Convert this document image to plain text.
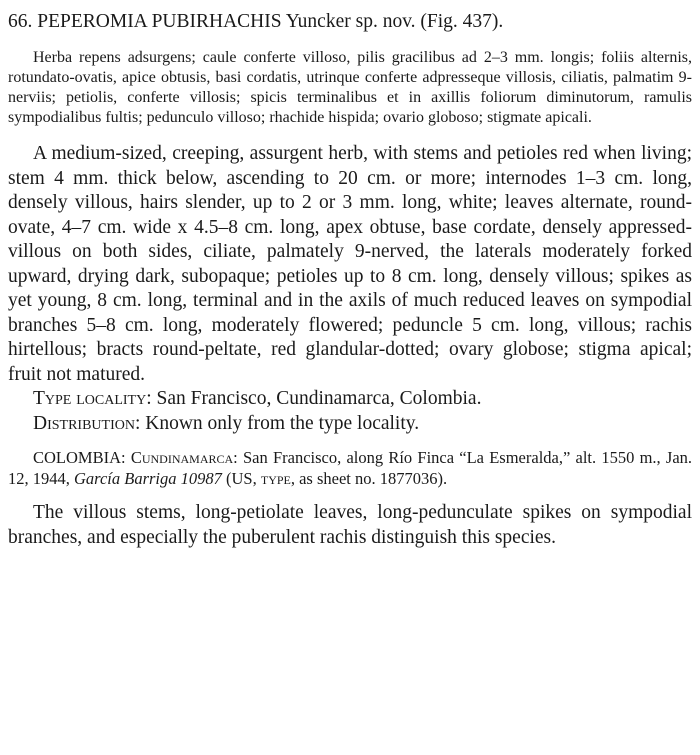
66. PEPEROMIA PUBIRHACHIS Yuncker sp. nov. (Fig. 437).

Herba repens adsurgens; caule conferte villoso, pilis gracilibus ad 2–3 mm. longis; foliis alternis, rotundato-ovatis, apice obtusis, basi cordatis, utrinque conferte adpresseque villosis, ciliatis, palmatim 9-nerviis; petiolis, conferte villosis; spicis terminalibus et in axillis foliorum diminutorum, ramulis sympodialibus fultis; pedunculo villoso; rhachide hispida; ovario globoso; stigmate apicali.

A medium-sized, creeping, assurgent herb, with stems and petioles red when living; stem 4 mm. thick below, ascending to 20 cm. or more; internodes 1–3 cm. long, densely villous, hairs slender, up to 2 or 3 mm. long, white; leaves alternate, round-ovate, 4–7 cm. wide x 4.5–8 cm. long, apex obtuse, base cordate, densely appressed-villous on both sides, ciliate, palmately 9-nerved, the laterals moderately forked upward, drying dark, subopaque; petioles up to 8 cm. long, densely villous; spikes as yet young, 8 cm. long, terminal and in the axils of much reduced leaves on sympodial branches 5–8 cm. long, moderately flowered; peduncle 5 cm. long, villous; rachis hirtellous; bracts round-peltate, red glandular-dotted; ovary globose; stigma apical; fruit not matured.

Type locality: San Francisco, Cundinamarca, Colombia.

Distribution: Known only from the type locality.

COLOMBIA: Cundinamarca: San Francisco, along Río Finca “La Esmeralda,” alt. 1550 m., Jan. 12, 1944, García Barriga 10987 (US, type, as sheet no. 1877036).

The villous stems, long-petiolate leaves, long-pedunculate spikes on sympodial branches, and especially the puberulent rachis distinguish this species.
